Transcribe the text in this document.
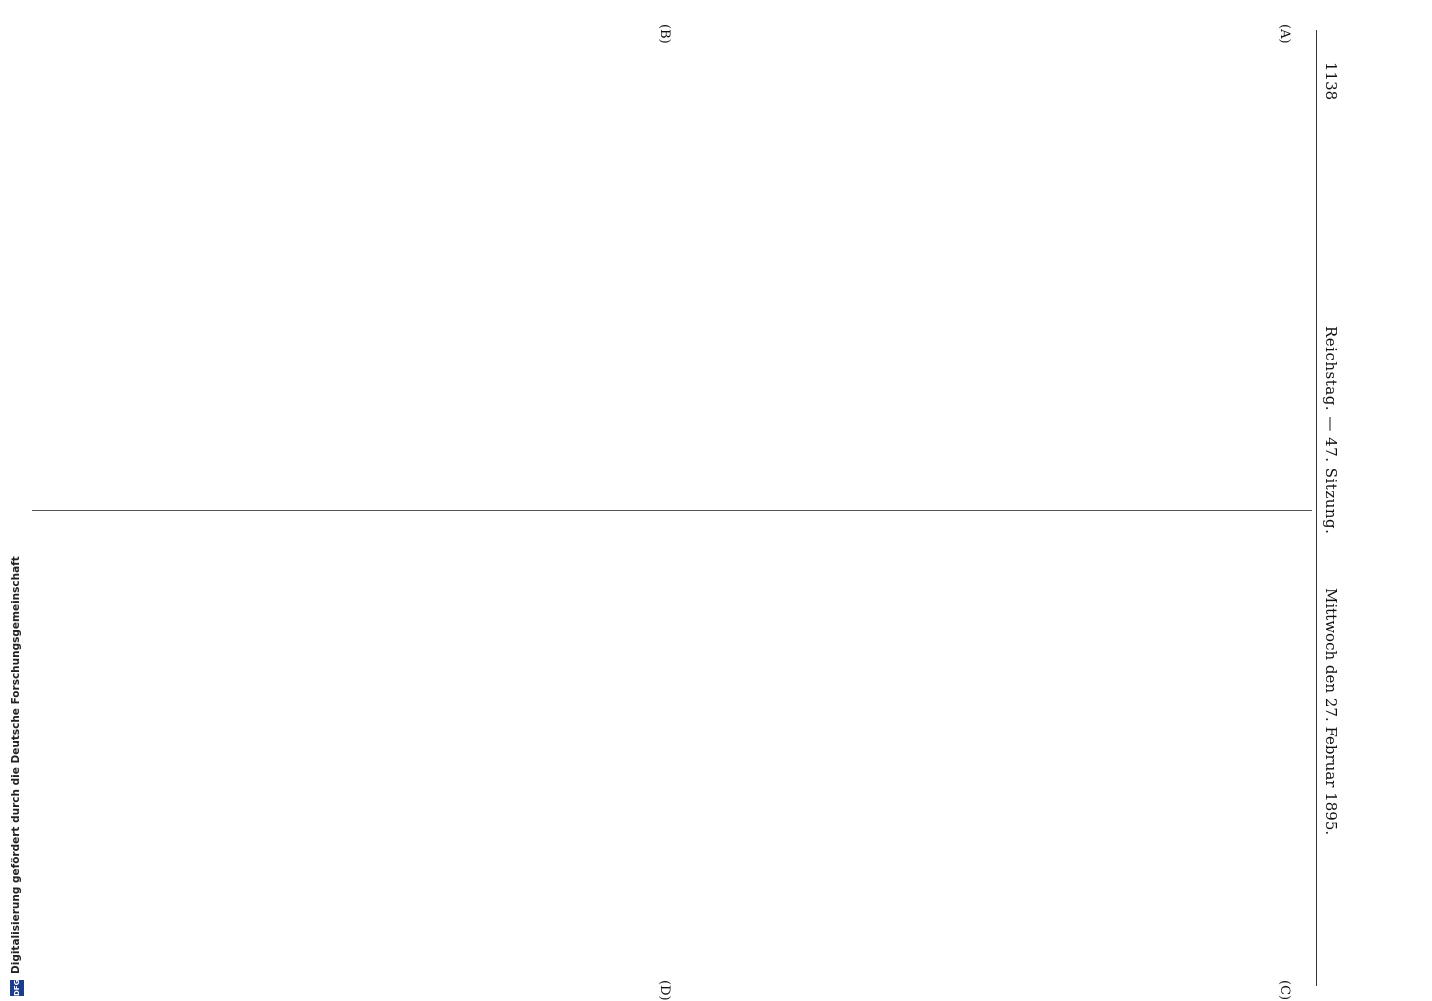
1138
Reichstag. — 47. Sitzung.
Mittwoch den 27. Februar 1895.
(A)
(B)
(C)
(D)
DFG
Digitalisierung gefördert durch die Deutsche Forschungsgemeinschaft
